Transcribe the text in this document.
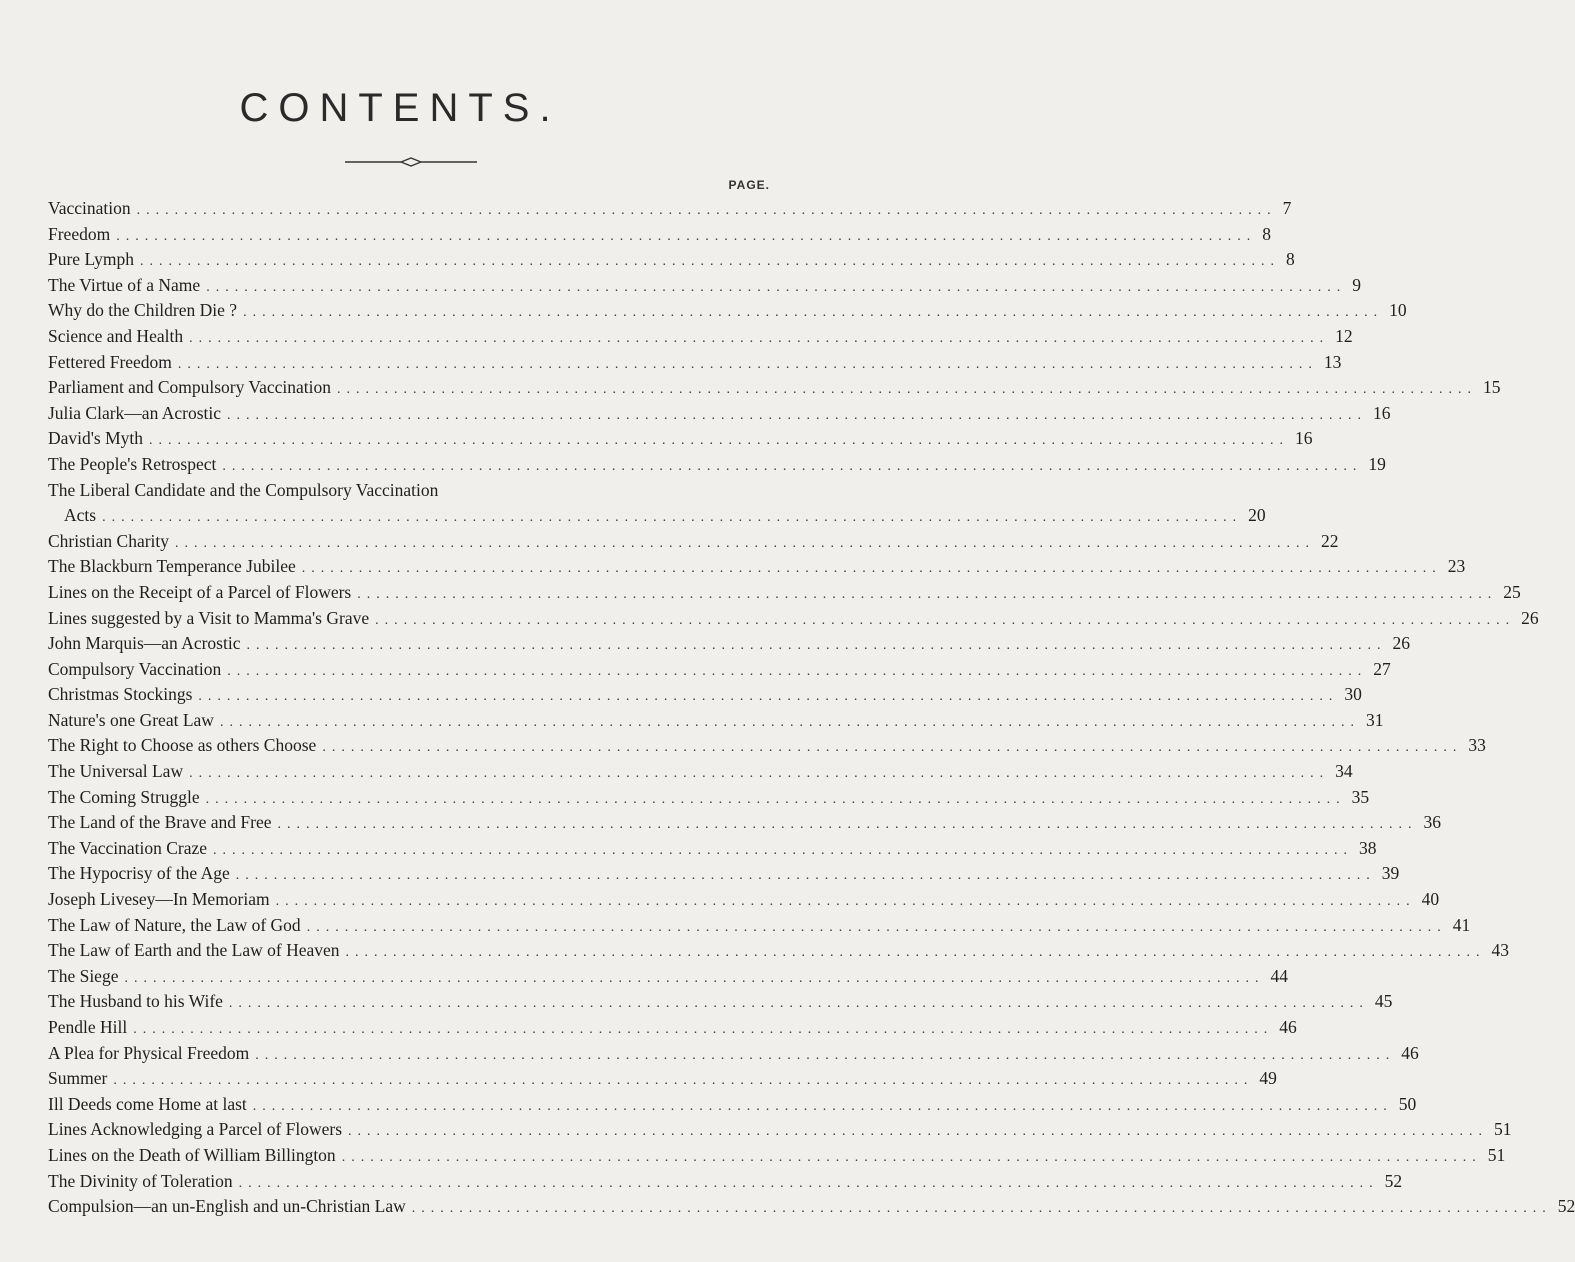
CONTENTS.
PAGE.
Vaccination ........................................................................................................................ 7
Freedom ........................................................................................................................ 8
Pure Lymph ........................................................................................................................ 8
The Virtue of a Name ........................................................................................................................ 9
Why do the Children Die ? ........................................................................................................................ 10
Science and Health ........................................................................................................................ 12
Fettered Freedom ........................................................................................................................ 13
Parliament and Compulsory Vaccination ........................................................................................................................ 15
Julia Clark—an Acrostic ........................................................................................................................ 16
David's Myth ........................................................................................................................ 16
The People's Retrospect ........................................................................................................................ 19
The Liberal Candidate and the Compulsory Vaccination
Acts ........................................................................................................................ 20
Christian Charity ........................................................................................................................ 22
The Blackburn Temperance Jubilee ........................................................................................................................ 23
Lines on the Receipt of a Parcel of Flowers ........................................................................................................................ 25
Lines suggested by a Visit to Mamma's Grave ........................................................................................................................ 26
John Marquis—an Acrostic ........................................................................................................................ 26
Compulsory Vaccination ........................................................................................................................ 27
Christmas Stockings ........................................................................................................................ 30
Nature's one Great Law ........................................................................................................................ 31
The Right to Choose as others Choose ........................................................................................................................ 33
The Universal Law ........................................................................................................................ 34
The Coming Struggle ........................................................................................................................ 35
The Land of the Brave and Free ........................................................................................................................ 36
The Vaccination Craze ........................................................................................................................ 38
The Hypocrisy of the Age ........................................................................................................................ 39
Joseph Livesey—In Memoriam ........................................................................................................................ 40
The Law of Nature, the Law of God ........................................................................................................................ 41
The Law of Earth and the Law of Heaven ........................................................................................................................ 43
The Siege ........................................................................................................................ 44
The Husband to his Wife ........................................................................................................................ 45
Pendle Hill ........................................................................................................................ 46
A Plea for Physical Freedom ........................................................................................................................ 46
Summer ........................................................................................................................ 49
Ill Deeds come Home at last ........................................................................................................................ 50
Lines Acknowledging a Parcel of Flowers ........................................................................................................................ 51
Lines on the Death of William Billington ........................................................................................................................ 51
The Divinity of Toleration ........................................................................................................................ 52
Compulsion—an un-English and un-Christian Law ........................................................................................................................ 52
